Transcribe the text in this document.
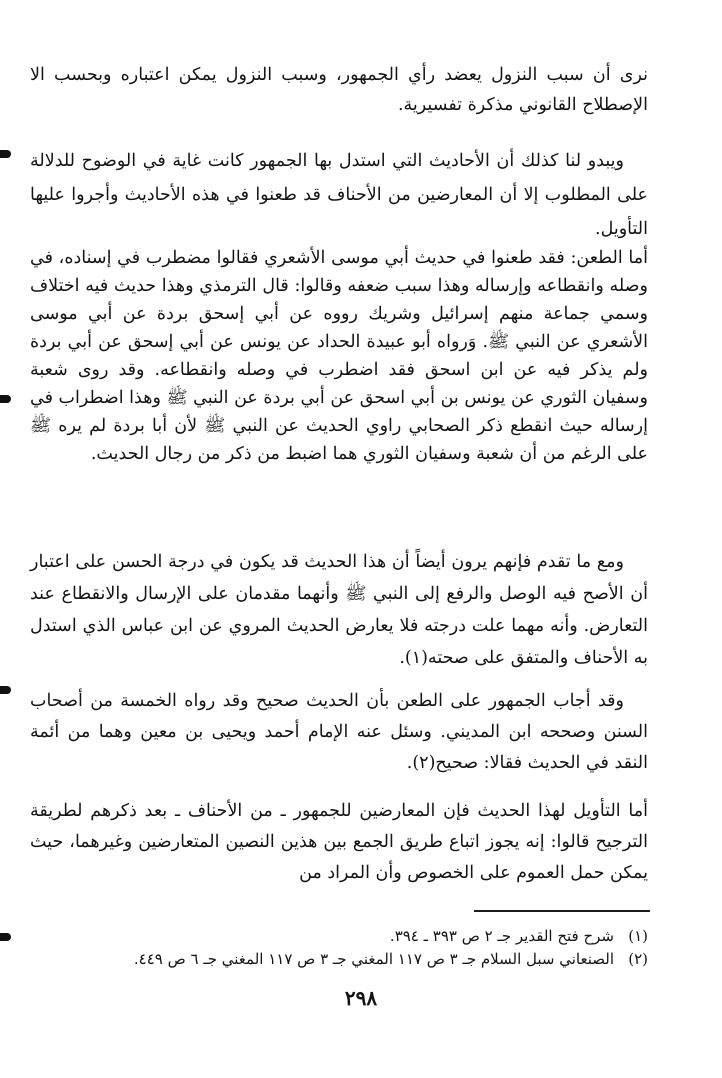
نرى أن سبب النزول يعضد رأي الجمهور، وسبب النزول يمكن اعتباره وبحسب الا الإصطلاح القانوني مذكرة تفسيرية.

ويبدو لنا كذلك أن الأحاديث التي استدل بها الجمهور كانت غاية في الوضوح للدلالة على المطلوب إلا أن المعارضين من الأحناف قد طعنوا في هذه الأحاديث وأجروا عليها التأويل.

أما الطعن: فقد طعنوا في حديث أبي موسى الأشعري فقالوا مضطرب في إسناده، في وصله وانقطاعه وإرساله وهذا سبب ضعفه وقالوا: قال الترمذي وهذا حديث فيه اختلاف وسمي جماعة منهم إسرائيل وشريك رووه عن أبي إسحق بردة عن أبي موسى الأشعري عن النبي ﷺ. وَرواه أبو عبيدة الحداد عن يونس عن أبي إسحق عن أبي بردة ولم يذكر فيه عن ابن اسحق فقد اضطرب في وصله وانقطاعه. وقد روى شعبة وسفيان الثوري عن يونس بن أبي اسحق عن أبي بردة عن النبي ﷺ وهذا اضطراب في إرساله حيث انقطع ذكر الصحابي راوي الحديث عن النبي ﷺ لأن أبا بردة لم يره ﷺ على الرغم من أن شعبة وسفيان الثوري هما اضبط من ذكر من رجال الحديث.

ومع ما تقدم فإنهم يرون أيضاً أن هذا الحديث قد يكون في درجة الحسن على اعتبار أن الأصح فيه الوصل والرفع إلى النبي ﷺ وأنهما مقدمان على الإرسال والانقطاع عند التعارض. وأنه مهما علت درجته فلا يعارض الحديث المروي عن ابن عباس الذي استدل به الأحناف والمتفق على صحته(١).

وقد أجاب الجمهور على الطعن بأن الحديث صحيح وقد رواه الخمسة من أصحاب السنن وصححه ابن المديني. وسئل عنه الإمام أحمد ويحيى بن معين وهما من أئمة النقد في الحديث فقالا: صحيح(٢).

أما التأويل لهذا الحديث فإن المعارضين للجمهور ـ من الأحناف ـ بعد ذكرهم لطريقة الترجيح قالوا: إنه يجوز اتباع طريق الجمع بين هذين النصين المتعارضين وغيرهما، حيث يمكن حمل العموم على الخصوص وأن المراد من

(١)شرح فتح القدير جـ ٢ ص ٣٩٣ ـ ٣٩٤.
(٢)الصنعاني سبل السلام جـ ٣ ص ١١٧ المغني جـ ٣ ص ١١٧ المغني جـ ٦ ص ٤٤٩.
٢٩٨
